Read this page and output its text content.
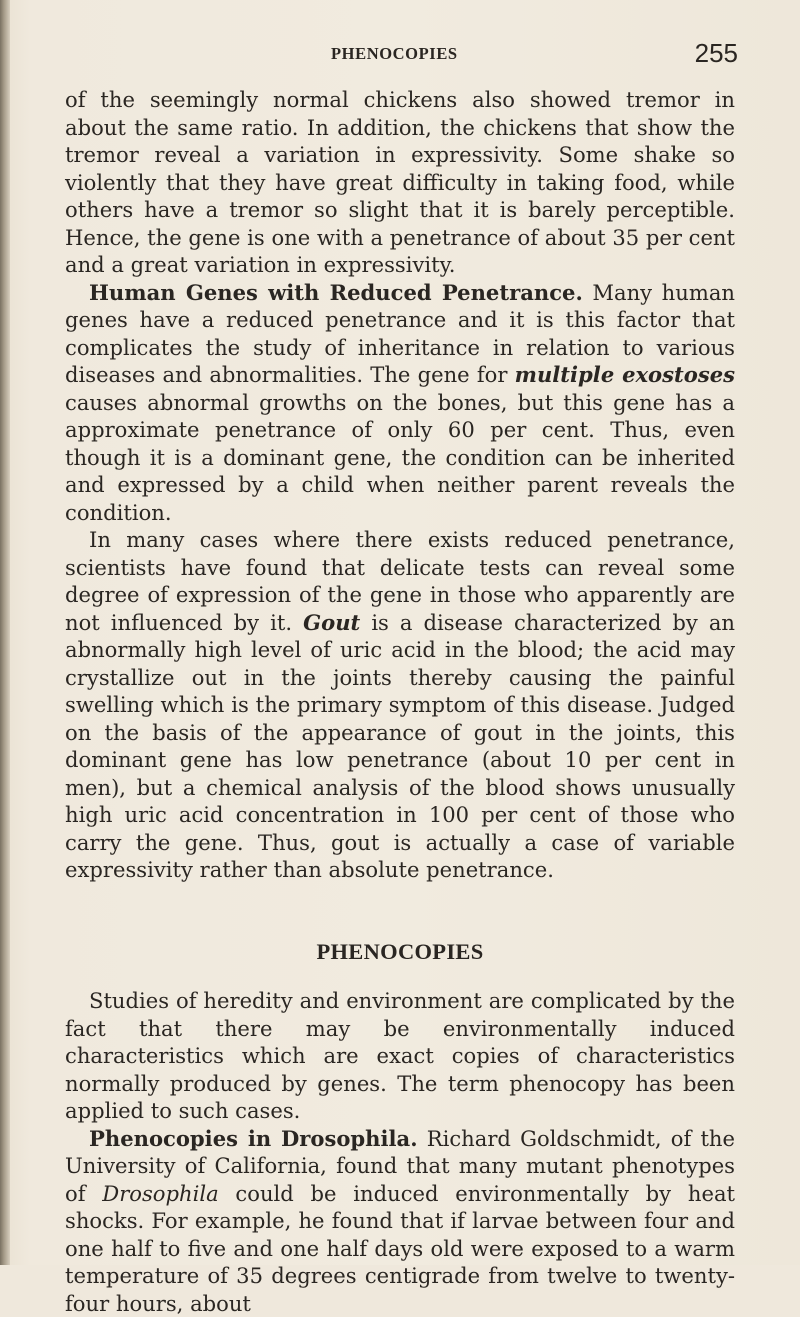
PHENOCOPIES	255

of the seemingly normal chickens also showed tremor in about the same ratio. In addition, the chickens that show the tremor reveal a variation in expressivity. Some shake so violently that they have great difficulty in taking food, while others have a tremor so slight that it is barely perceptible. Hence, the gene is one with a penetrance of about 35 per cent and a great variation in expressivity.

Human Genes with Reduced Penetrance. Many human genes have a reduced penetrance and it is this factor that complicates the study of inheritance in relation to various diseases and abnormalities. The gene for multiple exostoses causes abnormal growths on the bones, but this gene has a approximate penetrance of only 60 per cent. Thus, even though it is a dominant gene, the condition can be inherited and expressed by a child when neither parent reveals the condition.

In many cases where there exists reduced penetrance, scientists have found that delicate tests can reveal some degree of expression of the gene in those who apparently are not influenced by it. Gout is a disease characterized by an abnormally high level of uric acid in the blood; the acid may crystallize out in the joints thereby causing the painful swelling which is the primary symptom of this disease. Judged on the basis of the appearance of gout in the joints, this dominant gene has low penetrance (about 10 per cent in men), but a chemical analysis of the blood shows unusually high uric acid concentration in 100 per cent of those who carry the gene. Thus, gout is actually a case of variable expressivity rather than absolute penetrance.

PHENOCOPIES

Studies of heredity and environment are complicated by the fact that there may be environmentally induced characteristics which are exact copies of characteristics normally produced by genes. The term phenocopy has been applied to such cases.

Phenocopies in Drosophila. Richard Goldschmidt, of the University of California, found that many mutant phenotypes of Drosophila could be induced environmentally by heat shocks. For example, he found that if larvae between four and one half to five and one half days old were exposed to a warm temperature of 35 degrees centigrade from twelve to twenty-four hours, about
